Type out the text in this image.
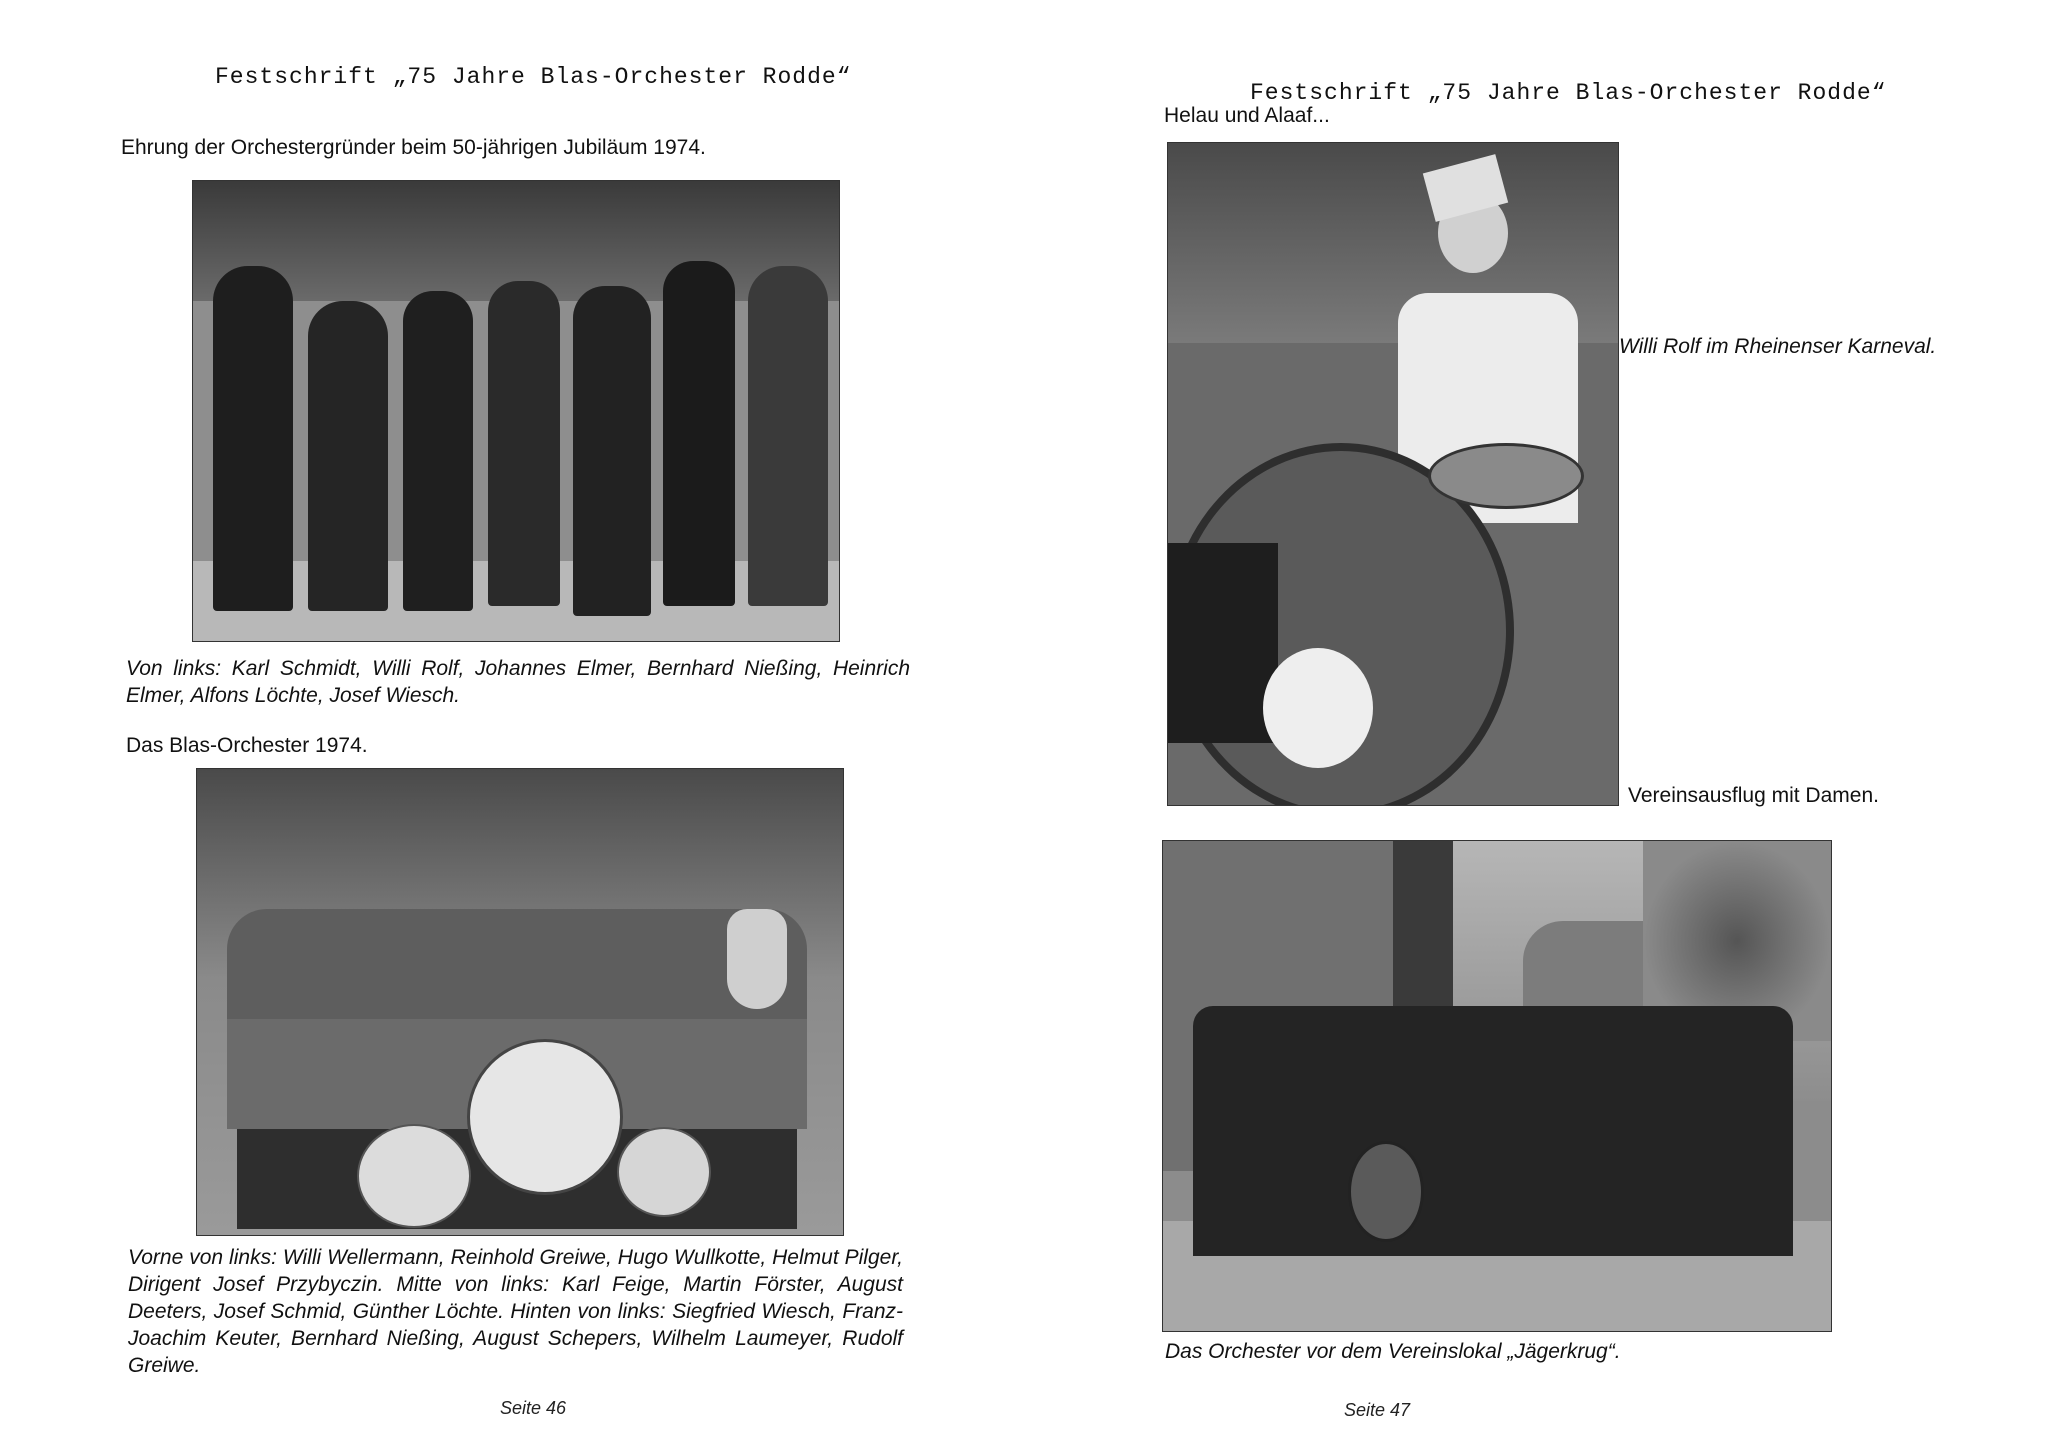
Festschrift „75 Jahre Blas-Orchester Rodde“
Ehrung der Orchestergründer beim 50-jährigen Jubiläum 1974.
Von links: Karl Schmidt, Willi Rolf, Johannes Elmer, Bernhard Nießing, Heinrich Elmer, Alfons Löchte, Josef Wiesch.
Das Blas-Orchester 1974.
Vorne von links: Willi Wellermann, Reinhold Greiwe, Hugo Wullkotte, Helmut Pilger, Dirigent Josef Przybyczin. Mitte von links: Karl Feige, Martin Förster, August Deeters, Josef Schmid, Günther Löchte. Hinten von links: Siegfried Wiesch, Franz-Joachim Keuter, Bernhard Nießing, August Schepers, Wilhelm Laumeyer, Rudolf Greiwe.
Seite 46
Festschrift „75 Jahre Blas-Orchester Rodde“
Helau und Alaaf...
Willi Rolf im Rheinenser Karneval.
Vereinsausflug mit Damen.
Das Orchester vor dem Vereinslokal „Jägerkrug“.
Seite 47
